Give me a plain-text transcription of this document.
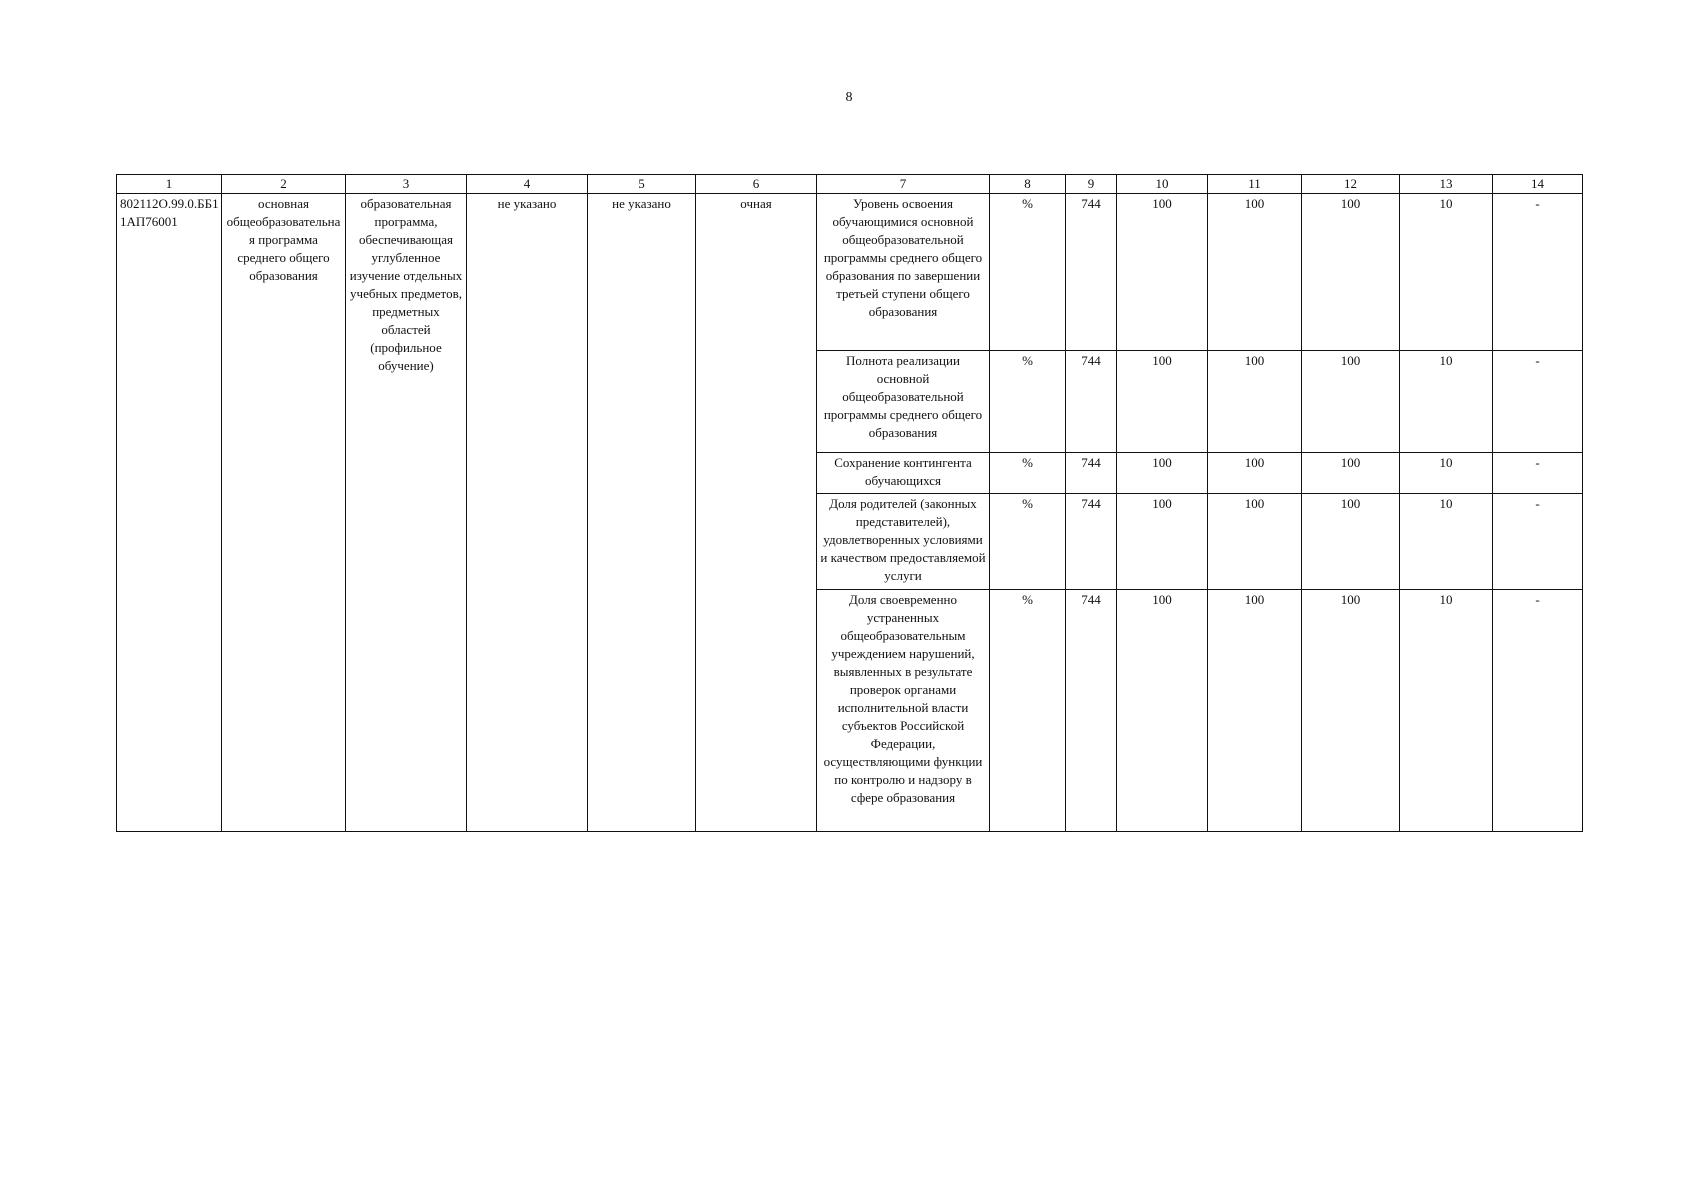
8
1	2	3	4	5	6	7	8	9	10	11	12	13	14
802112О.99.0.ББ11АП76001	основная общеобразовательная программа среднего общего образования	образовательная программа, обеспечивающая углубленное изучение отдельных учебных предметов, предметных областей (профильное обучение)	не указано	не указано	очная	Уровень освоения обучающимися основной общеобразовательной программы среднего общего образования по завершении третьей ступени общего образования	%	744	100	100	100	10	-
						Полнота реализации основной общеобразовательной программы среднего общего образования	%	744	100	100	100	10	-
						Сохранение контингента обучающихся	%	744	100	100	100	10	-
						Доля родителей (законных представителей), удовлетворенных условиями и качеством предоставляемой услуги	%	744	100	100	100	10	-
						Доля своевременно устраненных общеобразовательным учреждением нарушений, выявленных в результате проверок органами исполнительной власти субъектов Российской Федерации, осуществляющими функции по контролю и надзору в сфере образования	%	744	100	100	100	10	-
